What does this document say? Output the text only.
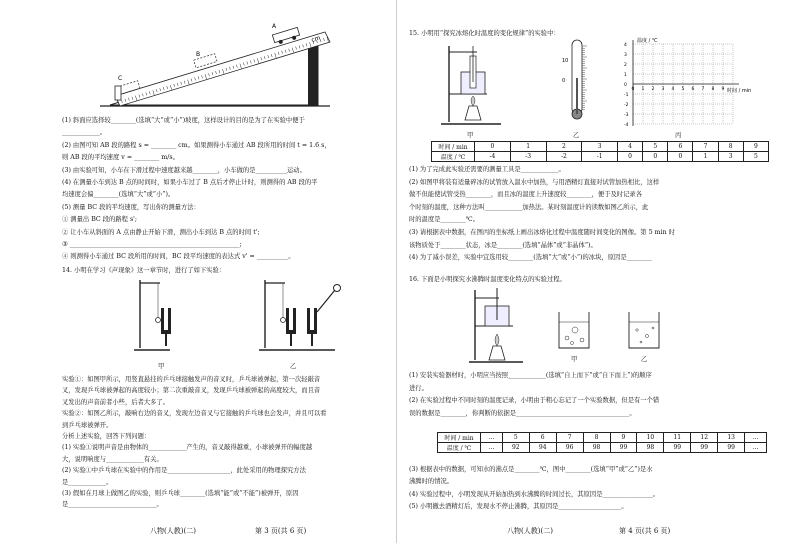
cm
C
B
A
(1) 斜面应选择较________(选填“大”或“小”)坡度，这样设计的目的是为了在实验中便于
____________。
(2) 由图可知 AB 段的路程 s = ________ cm。如果测得小车通过 AB 段所用的时间 t = 1.6 s，
则 AB 段的平均速度 v = ________ m/s。
(3) 由实验可知，小车在下滑过程中速度越来越________，小车做的是__________运动。
(4) 在测量小车到达 B 点的时间时，如果小车过了 B 点后才停止计时，则测得的 AB 段的平
均速度会偏________(选填“大”或“小”)。
(5) 测量 BC 段的平均速度，写出你的测量方法：
① 测量出 BC 段的路程 s';
② 让小车从斜面的 A 点由静止开始下滑，测出小车到达 B 点的时间 t';
③ ______________________________________________________;
④ 则测得小车通过 BC 段所用的时间，BC 段平均速度的表达式 v' = __________。
14. 小明在学习《声现象》这一章节时，进行了如下实验：
甲	乙
实验①：如图甲所示，用竖直悬挂的乒乓球接触发声的音叉时，乒乓球被弹起，第一次轻敲音
叉，发现乒乓球被弹起的高度较小；第二次重敲音叉，发现乒乓球被弹起的高度较大，而且音
叉发出的声音前者小些，后者大多了。
实验②：如图乙所示，敲响右边的音叉，发现左边音叉与它接触的乒乓球也会发声，并且可以看
到乒乓球被弹开。
分析上述实验，回答下列问题：
(1) 实验①说明声音是由物体的____________产生的，音叉敲得越重，小球被弹开的幅度越
大，说明响度与____________有关。
(2) 实验①中乒乓球在实验中的作用是____________________，此处采用的物理探究方法
是____________。
(3) 假如在月球上做图乙的实验，则乒乓球________(选填“能”或“不能”)被弹开，原因
是____________________________。
八物(人教)(二)	第 3 页(共 6 页)
15. 小明用“探究冰熔化时温度的变化规律”的实验中：
10
0
温度 / ℃
时间 / min
0 1 2 3 4 5 6 7 8 9
4
3
2
1
0
-1
-2
-3
-4
甲	乙	丙
时间 / min	0	1	2	3	4	5	6	7	8	9
温度 / ℃	-4	-3	-2	-1	0	0	0	1	3	5
(1) 为了完成此实验还需要的测量工具是____________。
(2) 如图甲将装有适量碎冰的试管放入温水中加热，与用酒精灯直接对试管加热相比，这样
做不但能使试管受热________，而且冰的温度上升速度较________，便于及时记录各
个时刻的温度，这种方法叫____________加热法。某时刻温度计的读数如图乙所示，此
时的温度是________℃。
(3) 请根据表中数据，在图丙的坐标纸上画出冰熔化过程中温度随时间变化的图像。第 5 min 时
该物质处于________状态，冰是________(选填“晶体”或“非晶体”)。
(4) 为了减小误差，实验中宜选用较________(选填“大”或“小”)的冰块，原因是________
16. 下面是小明探究水沸腾时温度变化特点的实验过程。
甲	乙
(1) 安装实验器材时，小明应当按照____________(选填“自上而下”或“自下而上”)的顺序
进行。
(2) 在实验过程中不同时刻的温度记录，小明由于粗心忘记了一个实验数据，但是有一个错
误的数据是________，你判断的依据是____________________________________。
时间 / min	…	5	6	7	8	9	10	11	12	13	…
温度 / ℃	…	92	94	96	98	99	98	99	99	99	…
(3) 根据表中的数据，可知水的沸点是________℃，图中________(选填“甲”或“乙”)是水
沸腾时的情况。
(4) 实验过程中，小明发现从开始加热到水沸腾的时间过长，其原因是________________。
(5) 小明撤去酒精灯后，发现水不停止沸腾，其原因是____________________。
八物(人教)(二)	第 4 页(共 6 页)
